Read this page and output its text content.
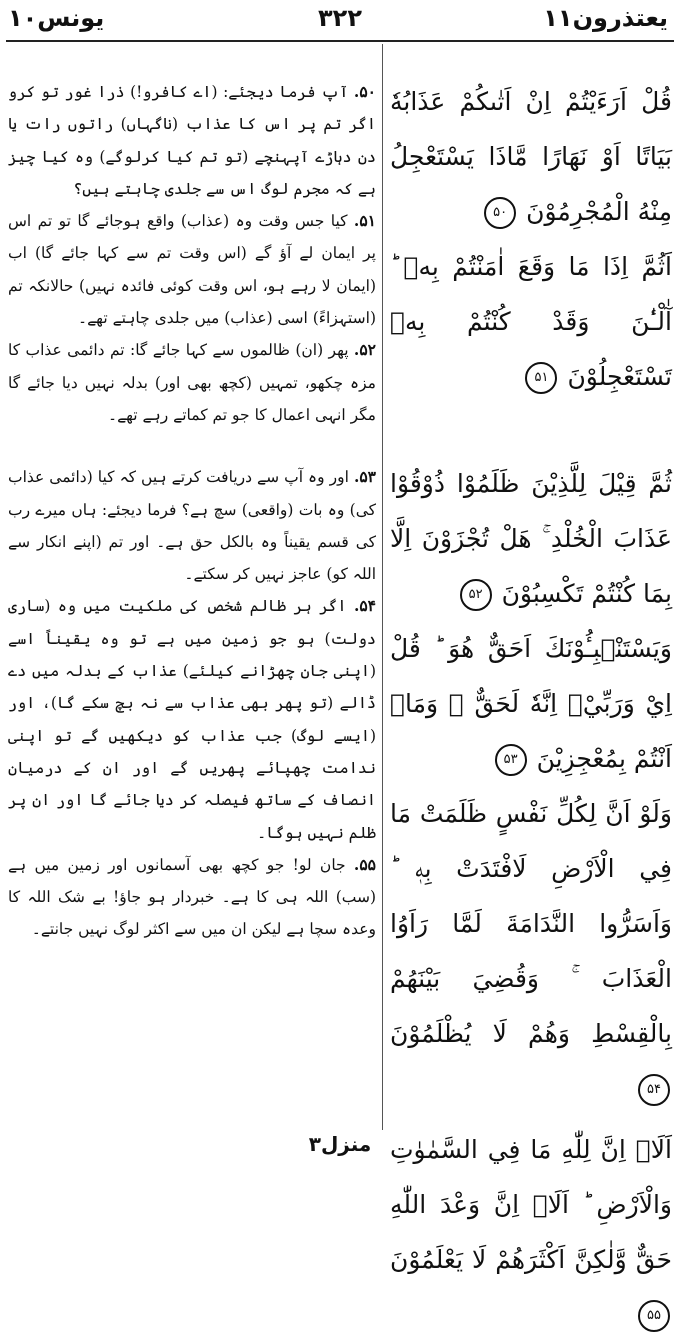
یعتذرون۱۱
۳۲۲
یونس۱۰
قُلْ اَرَءَيْتُمْ اِنْ اَتٰىكُمْ عَذَابُهٗ بَيَاتًا اَوْ نَهَارًا مَّاذَا يَسْتَعْجِلُ مِنْهُ الْمُجْرِمُوْنَ ۵۰
اَثُمَّ اِذَا مَا وَقَعَ اٰمَنْتُمْ بِهٖ ؕ آٰلْـٰٔنَ وَقَدْ كُنْتُمْ بِهٖ تَسْتَعْجِلُوْنَ ۵۱
ثُمَّ قِيْلَ لِلَّذِيْنَ ظَلَمُوْا ذُوْقُوْا عَذَابَ الْخُلْدِ ۚ هَلْ تُجْزَوْنَ اِلَّا بِمَا كُنْتُمْ تَكْسِبُوْنَ ۵۲
وَيَسْتَنْۢبِـُٔوْنَكَ اَحَقٌّ هُوَ ؕ قُلْ اِيْ وَرَبِّيْۤ اِنَّهٗ لَحَقٌّ ۚ وَمَاۤ اَنْتُمْ بِمُعْجِزِيْنَ ۵۳
وَلَوْ اَنَّ لِكُلِّ نَفْسٍ ظَلَمَتْ مَا فِي الْاَرْضِ لَافْتَدَتْ بِهٖ ؕ وَاَسَرُّوا النَّدَامَةَ لَمَّا رَاَوُا الْعَذَابَ ۚ وَقُضِيَ بَيْنَهُمْ بِالْقِسْطِ وَهُمْ لَا يُظْلَمُوْنَ ۵۴
اَلَاۤ اِنَّ لِلّٰهِ مَا فِي السَّمٰوٰتِ وَالْاَرْضِ ؕ اَلَاۤ اِنَّ وَعْدَ اللّٰهِ حَقٌّ وَّلٰكِنَّ اَكْثَرَهُمْ لَا يَعْلَمُوْنَ ۵۵
۵۰. آپ فرما دیجئے: (اے کافرو!) ذرا غور تو کرو اگر تم پر اس کا عذاب (ناگہاں) راتوں رات یا دن دہاڑے آپہنچے (تو تم کیا کرلوگے) وہ کیا چیز ہے کہ مجرم لوگ اس سے جلدی چاہتے ہیں؟
۵۱. کیا جس وقت وہ (عذاب) واقع ہوجائے گا تو تم اس پر ایمان لے آؤ گے (اس وقت تم سے کہا جائے گا) اب (ایمان لا رہے ہو، اس وقت کوئی فائدہ نہیں) حالانکہ تم (استہزاءً) اسی (عذاب) میں جلدی چاہتے تھے۔
۵۲. پھر (ان) ظالموں سے کہا جائے گا: تم دائمی عذاب کا مزہ چکھو، تمہیں (کچھ بھی اور) بدلہ نہیں دیا جائے گا مگر انہی اعمال کا جو تم کماتے رہے تھے۔
۵۳. اور وہ آپ سے دریافت کرتے ہیں کہ کیا (دائمی عذاب کی) وہ بات (واقعی) سچ ہے؟ فرما دیجئے: ہاں میرے رب کی قسم یقیناً وہ بالکل حق ہے۔ اور تم (اپنے انکار سے اللہ کو) عاجز نہیں کر سکتے۔
۵۴. اگر ہر ظالم شخص کی ملکیت میں وہ (ساری دولت) ہو جو زمین میں ہے تو وہ یقیناً اسے (اپنی جان چھڑانے کیلئے) عذاب کے بدلہ میں دے ڈالے (تو پھر بھی عذاب سے نہ بچ سکے گا)، اور (ایسے لوگ) جب عذاب کو دیکھیں گے تو اپنی ندامت چھپائے پھریں گے اور ان کے درمیان انصاف کے ساتھ فیصلہ کر دیا جائے گا اور ان پر ظلم نہیں ہوگا۔
۵۵. جان لو! جو کچھ بھی آسمانوں اور زمین میں ہے (سب) اللہ ہی کا ہے۔ خبردار ہو جاؤ! بے شک اللہ کا وعدہ سچا ہے لیکن ان میں سے اکثر لوگ نہیں جانتے۔
منزل۳
